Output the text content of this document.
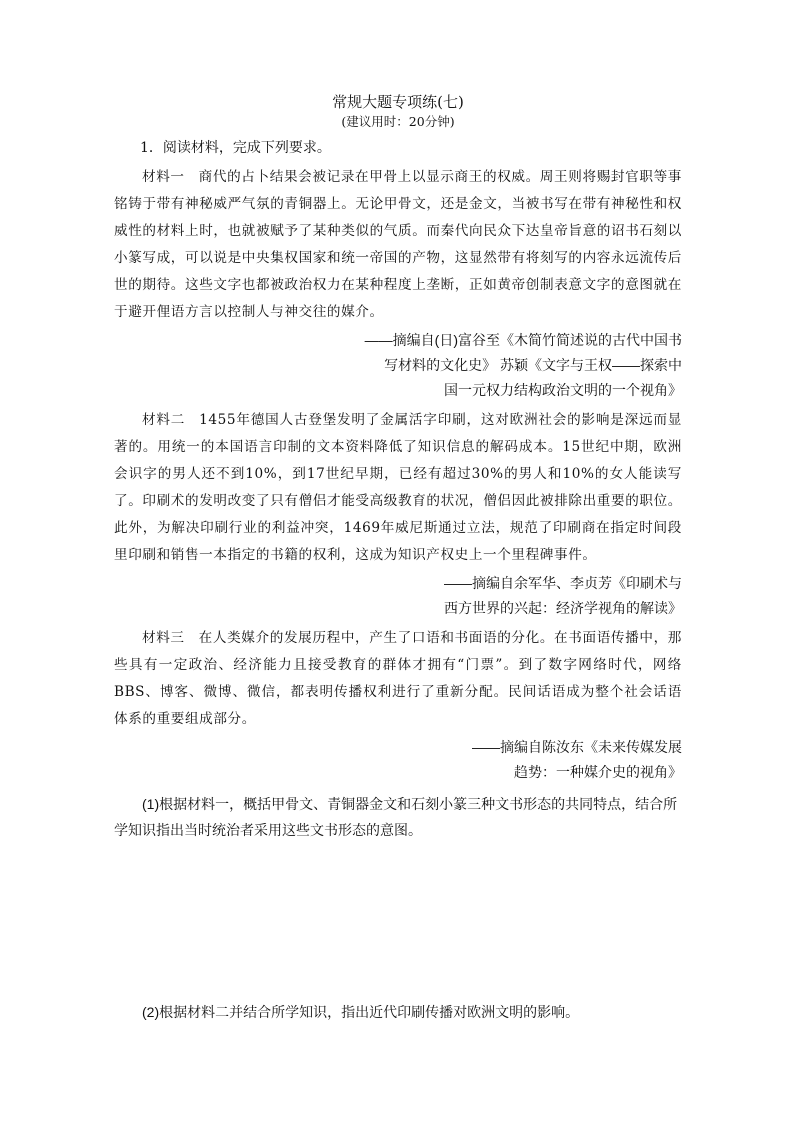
常规大题专项练(七)

(建议用时：20分钟)

1．阅读材料，完成下列要求。

材料一 商代的占卜结果会被记录在甲骨上以显示商王的权威。周王则将赐封官职等事铭铸于带有神秘威严气氛的青铜器上。无论甲骨文，还是金文，当被书写在带有神秘性和权威性的材料上时，也就被赋予了某种类似的气质。而秦代向民众下达皇帝旨意的诏书石刻以小篆写成，可以说是中央集权国家和统一帝国的产物，这显然带有将刻写的内容永远流传后世的期待。这些文字也都被政治权力在某种程度上垄断，正如黄帝创制表意文字的意图就在于避开俚语方言以控制人与神交往的媒介。

——摘编自(日)富谷至《木简竹简述说的古代中国书
写材料的文化史》 苏颖《文字与王权——探索中
国一元权力结构政治文明的一个视角》

材料二 1455年德国人古登堡发明了金属活字印刷，这对欧洲社会的影响是深远而显著的。用统一的本国语言印制的文本资料降低了知识信息的解码成本。15世纪中期，欧洲会识字的男人还不到10%，到17世纪早期，已经有超过30%的男人和10%的女人能读写了。印刷术的发明改变了只有僧侣才能受高级教育的状况，僧侣因此被排除出重要的职位。此外，为解决印刷行业的利益冲突，1469年威尼斯通过立法，规范了印刷商在指定时间段里印刷和销售一本指定的书籍的权利，这成为知识产权史上一个里程碑事件。

——摘编自余军华、李贞芳《印刷术与
西方世界的兴起：经济学视角的解读》

材料三 在人类媒介的发展历程中，产生了口语和书面语的分化。在书面语传播中，那些具有一定政治、经济能力且接受教育的群体才拥有“门票”。到了数字网络时代，网络BBS、博客、微博、微信，都表明传播权利进行了重新分配。民间话语成为整个社会话语体系的重要组成部分。

——摘编自陈汝东《未来传媒发展
趋势：一种媒介史的视角》

(1)根据材料一，概括甲骨文、青铜器金文和石刻小篆三种文书形态的共同特点，结合所学知识指出当时统治者采用这些文书形态的意图。

(2)根据材料二并结合所学知识，指出近代印刷传播对欧洲文明的影响。
